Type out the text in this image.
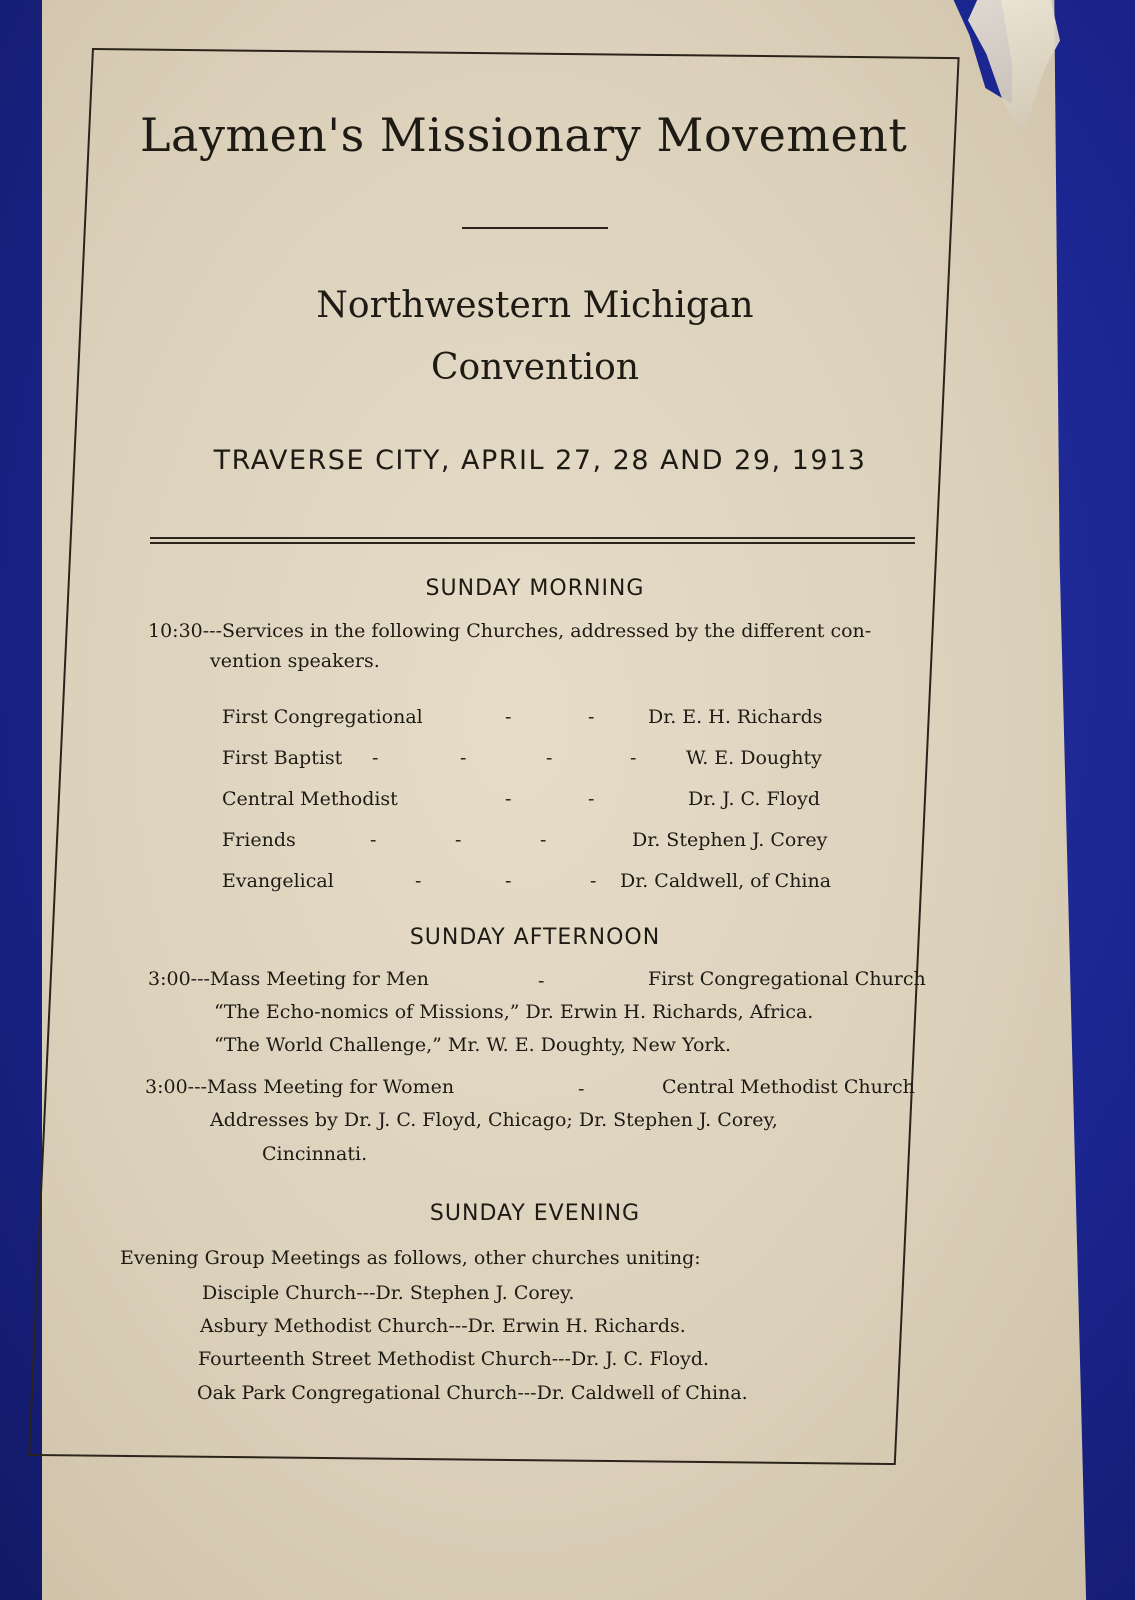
Laymen's Missionary Movement
Northwestern Michigan
Convention
TRAVERSE CITY, APRIL 27, 28 AND 29, 1913
SUNDAY MORNING
10:30---Services in the following Churches, addressed by the different con-
vention speakers.
First Congregational	-	-	Dr. E. H. Richards
First Baptist -	-	-	-	W. E. Doughty
Central Methodist	-	-	Dr. J. C. Floyd
Friends	-	-	-	Dr. Stephen J. Corey
Evangelical	-	-	- Dr. Caldwell, of China
SUNDAY AFTERNOON
3:00---Mass Meeting for Men	-	First Congregational Church
“The Echo-nomics of Missions,” Dr. Erwin H. Richards, Africa.
“The World Challenge,” Mr. W. E. Doughty, New York.
3:00---Mass Meeting for Women	-	Central Methodist Church
Addresses by Dr. J. C. Floyd, Chicago; Dr. Stephen J. Corey,
Cincinnati.
SUNDAY EVENING
Evening Group Meetings as follows, other churches uniting:
Disciple Church---Dr. Stephen J. Corey.
Asbury Methodist Church---Dr. Erwin H. Richards.
Fourteenth Street Methodist Church---Dr. J. C. Floyd.
Oak Park Congregational Church---Dr. Caldwell of China.
